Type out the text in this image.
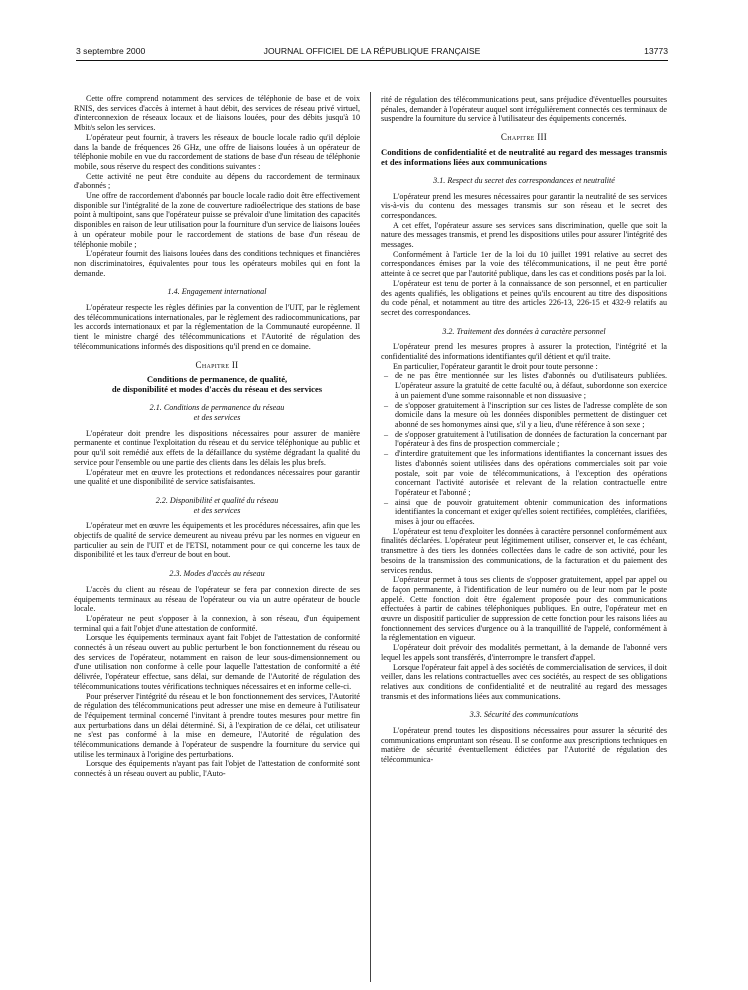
3 septembre 2000	JOURNAL OFFICIEL DE LA RÉPUBLIQUE FRANÇAISE	13773

Cette offre comprend notamment des services de téléphonie de base et de voix RNIS, des services d'accès à internet à haut débit, des services de réseau privé virtuel, d'interconnexion de réseaux locaux et de liaisons louées, pour des débits jusqu'à 10 Mbit/s selon les services.

L'opérateur peut fournir, à travers les réseaux de boucle locale radio qu'il déploie dans la bande de fréquences 26 GHz, une offre de liaisons louées à un opérateur de téléphonie mobile en vue du raccordement de stations de base d'un réseau de téléphonie mobile, sous réserve du respect des conditions suivantes :

Cette activité ne peut être conduite au dépens du raccordement de terminaux d'abonnés ;

Une offre de raccordement d'abonnés par boucle locale radio doit être effectivement disponible sur l'intégralité de la zone de couverture radioélectrique des stations de base point à multipoint, sans que l'opérateur puisse se prévaloir d'une limitation des capacités disponibles en raison de leur utilisation pour la fourniture d'un service de liaisons louées à un opérateur mobile pour le raccordement de stations de base d'un réseau de téléphonie mobile ;

L'opérateur fournit des liaisons louées dans des conditions techniques et financières non discriminatoires, équivalentes pour tous les opérateurs mobiles qui en font la demande.

1.4. Engagement international

L'opérateur respecte les règles définies par la convention de l'UIT, par le règlement des télécommunications internationales, par le règlement des radiocommunications, par les accords internationaux et par la réglementation de la Communauté européenne. Il tient le ministre chargé des télécommunications et l'Autorité de régulation des télécommunications informés des dispositions qu'il prend en ce domaine.

Chapitre II
Conditions de permanence, de qualité,
de disponibilité et modes d'accès du réseau et des services
2.1. Conditions de permanence du réseau
et des services

L'opérateur doit prendre les dispositions nécessaires pour assurer de manière permanente et continue l'exploitation du réseau et du service téléphonique au public et pour qu'il soit remédié aux effets de la défaillance du système dégradant la qualité du service pour l'ensemble ou une partie des clients dans les délais les plus brefs.

L'opérateur met en œuvre les protections et redondances nécessaires pour garantir une qualité et une disponibilité de service satisfaisantes.

2.2. Disponibilité et qualité du réseau
et des services

L'opérateur met en œuvre les équipements et les procédures nécessaires, afin que les objectifs de qualité de service demeurent au niveau prévu par les normes en vigueur en particulier au sein de l'UIT et de l'ETSI, notamment pour ce qui concerne les taux de disponibilité et les taux d'erreur de bout en bout.

2.3. Modes d'accès au réseau

L'accès du client au réseau de l'opérateur se fera par connexion directe de ses équipements terminaux au réseau de l'opérateur ou via un autre opérateur de boucle locale.

L'opérateur ne peut s'opposer à la connexion, à son réseau, d'un équipement terminal qui a fait l'objet d'une attestation de conformité.

Lorsque les équipements terminaux ayant fait l'objet de l'attestation de conformité connectés à un réseau ouvert au public perturbent le bon fonctionnement du réseau ou des services de l'opérateur, notamment en raison de leur sous-dimensionnement ou d'une utilisation non conforme à celle pour laquelle l'attestation de conformité a été délivrée, l'opérateur effectue, sans délai, sur demande de l'Autorité de régulation des télécommunications toutes vérifications techniques nécessaires et en informe celle-ci.

Pour préserver l'intégrité du réseau et le bon fonctionnement des services, l'Autorité de régulation des télécommunications peut adresser une mise en demeure à l'utilisateur de l'équipement terminal concerné l'invitant à prendre toutes mesures pour mettre fin aux perturbations dans un délai déterminé. Si, à l'expiration de ce délai, cet utilisateur ne s'est pas conformé à la mise en demeure, l'Autorité de régulation des télécommunications demande à l'opérateur de suspendre la fourniture du service qui utilise les terminaux à l'origine des perturbations.

Lorsque des équipements n'ayant pas fait l'objet de l'attestation de conformité sont connectés à un réseau ouvert au public, l'Auto-

rité de régulation des télécommunications peut, sans préjudice d'éventuelles poursuites pénales, demander à l'opérateur auquel sont irrégulièrement connectés ces terminaux de suspendre la fourniture du service à l'utilisateur des équipements concernés.

Chapitre III
Conditions de confidentialité et de neutralité au regard des messages transmis et des informations liées aux communications
3.1. Respect du secret des correspondances et neutralité

L'opérateur prend les mesures nécessaires pour garantir la neutralité de ses services vis-à-vis du contenu des messages transmis sur son réseau et le secret des correspondances.

A cet effet, l'opérateur assure ses services sans discrimination, quelle que soit la nature des messages transmis, et prend les dispositions utiles pour assurer l'intégrité des messages.

Conformément à l'article 1er de la loi du 10 juillet 1991 relative au secret des correspondances émises par la voie des télécommunications, il ne peut être porté atteinte à ce secret que par l'autorité publique, dans les cas et conditions posés par la loi.

L'opérateur est tenu de porter à la connaissance de son personnel, et en particulier des agents qualifiés, les obligations et peines qu'ils encourent au titre des dispositions du code pénal, et notamment au titre des articles 226-13, 226-15 et 432-9 relatifs au secret des correspondances.

3.2. Traitement des données à caractère personnel

L'opérateur prend les mesures propres à assurer la protection, l'intégrité et la confidentialité des informations identifiantes qu'il détient et qu'il traite.

En particulier, l'opérateur garantit le droit pour toute personne :

– de ne pas être mentionnée sur les listes d'abonnés ou d'utilisateurs publiées. L'opérateur assure la gratuité de cette faculté ou, à défaut, subordonne son exercice à un paiement d'une somme raisonnable et non dissuasive ;
– de s'opposer gratuitement à l'inscription sur ces listes de l'adresse complète de son domicile dans la mesure où les données disponibles permettent de distinguer cet abonné de ses homonymes ainsi que, s'il y a lieu, d'une référence à son sexe ;
– de s'opposer gratuitement à l'utilisation de données de facturation la concernant par l'opérateur à des fins de prospection commerciale ;
– d'interdire gratuitement que les informations identifiantes la concernant issues des listes d'abonnés soient utilisées dans des opérations commerciales soit par voie postale, soit par voie de télécommunications, à l'exception des opérations concernant l'activité autorisée et relevant de la relation contractuelle entre l'opérateur et l'abonné ;
– ainsi que de pouvoir gratuitement obtenir communication des informations identifiantes la concernant et exiger qu'elles soient rectifiées, complétées, clarifiées, mises à jour ou effacées.

L'opérateur est tenu d'exploiter les données à caractère personnel conformément aux finalités déclarées. L'opérateur peut légitimement utiliser, conserver et, le cas échéant, transmettre à des tiers les données collectées dans le cadre de son activité, pour les besoins de la transmission des communications, de la facturation et du paiement des services rendus.

L'opérateur permet à tous ses clients de s'opposer gratuitement, appel par appel ou de façon permanente, à l'identification de leur numéro ou de leur nom par le poste appelé. Cette fonction doit être également proposée pour des communications effectuées à partir de cabines téléphoniques publiques. En outre, l'opérateur met en œuvre un dispositif particulier de suppression de cette fonction pour les raisons liées au fonctionnement des services d'urgence ou à la tranquillité de l'appelé, conformément à la réglementation en vigueur.

L'opérateur doit prévoir des modalités permettant, à la demande de l'abonné vers lequel les appels sont transférés, d'interrompre le transfert d'appel.

Lorsque l'opérateur fait appel à des sociétés de commercialisation de services, il doit veiller, dans les relations contractuelles avec ces sociétés, au respect de ses obligations relatives aux conditions de confidentialité et de neutralité au regard des messages transmis et des informations liées aux communications.

3.3. Sécurité des communications

L'opérateur prend toutes les dispositions nécessaires pour assurer la sécurité des communications empruntant son réseau. Il se conforme aux prescriptions techniques en matière de sécurité éventuellement édictées par l'Autorité de régulation des télécommunica-
